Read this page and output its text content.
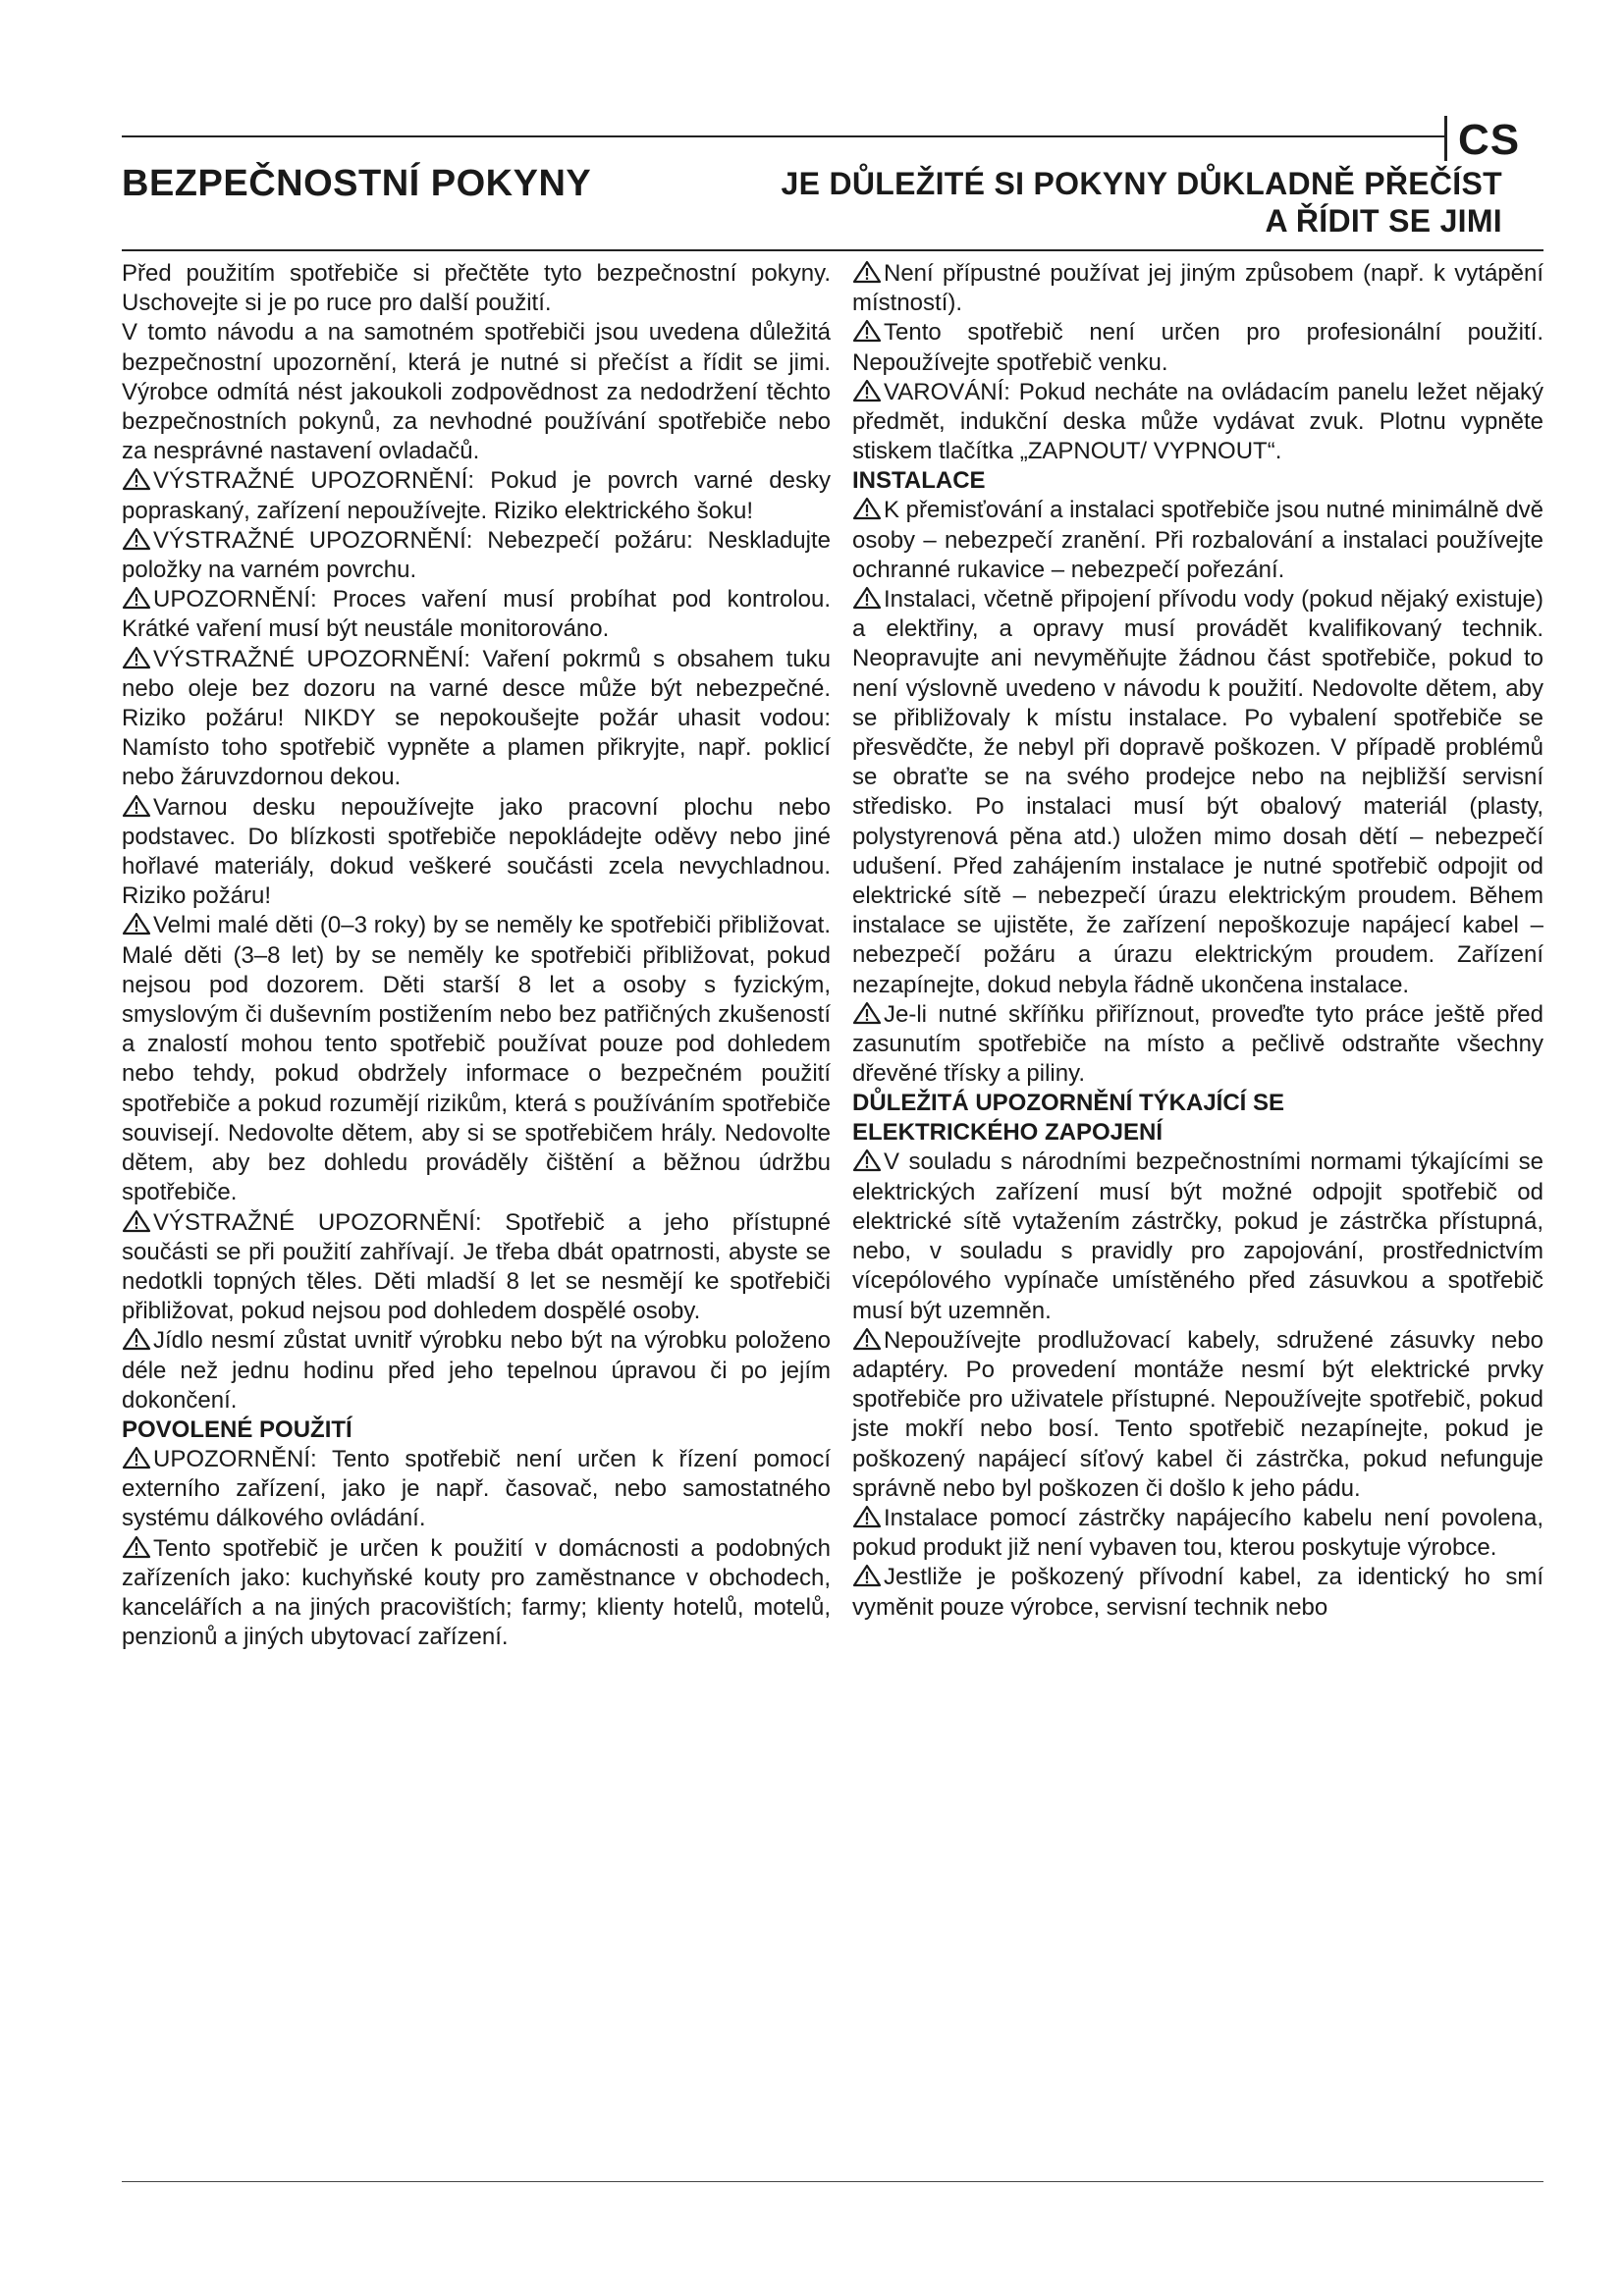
CS
BEZPEČNOSTNÍ POKYNY	JE DŮLEŽITÉ SI POKYNY DŮKLADNĚ PŘEČÍST
A ŘÍDIT SE JIMI

Před použitím spotřebiče si přečtěte tyto bezpečnostní pokyny. Uschovejte si je po ruce pro další použití.

V tomto návodu a na samotném spotřebiči jsou uvedena důležitá bezpečnostní upozornění, která je nutné si přečíst a řídit se jimi. Výrobce odmítá nést jakoukoli zodpovědnost za nedodržení těchto bezpečnostních pokynů, za nevhodné používání spotřebiče nebo za nesprávné nastavení ovladačů.

VÝSTRAŽNÉ UPOZORNĚNÍ: Pokud je povrch varné desky popraskaný, zařízení nepoužívejte. Riziko elektrického šoku!

VÝSTRAŽNÉ UPOZORNĚNÍ: Nebezpečí požáru: Neskladujte položky na varném povrchu.

UPOZORNĚNÍ: Proces vaření musí probíhat pod kontrolou. Krátké vaření musí být neustále monitorováno.

VÝSTRAŽNÉ UPOZORNĚNÍ: Vaření pokrmů s obsahem tuku nebo oleje bez dozoru na varné desce může být nebezpečné. Riziko požáru! NIKDY se nepokoušejte požár uhasit vodou: Namísto toho spotřebič vypněte a plamen přikryjte, např. poklicí nebo žáruvzdornou dekou.

Varnou desku nepoužívejte jako pracovní plochu nebo podstavec. Do blízkosti spotřebiče nepokládejte oděvy nebo jiné hořlavé materiály, dokud veškeré součásti zcela nevychladnou. Riziko požáru!

Velmi malé děti (0–3 roky) by se neměly ke spotřebiči přibližovat. Malé děti (3–8 let) by se neměly ke spotřebiči přibližovat, pokud nejsou pod dozorem. Děti starší 8 let a osoby s fyzickým, smyslovým či duševním postižením nebo bez patřičných zkušeností a znalostí mohou tento spotřebič používat pouze pod dohledem nebo tehdy, pokud obdržely informace o bezpečném použití spotřebiče a pokud rozumějí rizikům, která s používáním spotřebiče souvisejí. Nedovolte dětem, aby si se spotřebičem hrály. Nedovolte dětem, aby bez dohledu prováděly čištění a běžnou údržbu spotřebiče.

VÝSTRAŽNÉ UPOZORNĚNÍ: Spotřebič a jeho přístupné součásti se při použití zahřívají. Je třeba dbát opatrnosti, abyste se nedotkli topných těles. Děti mladší 8 let se nesmějí ke spotřebiči přibližovat, pokud nejsou pod dohledem dospělé osoby.

Jídlo nesmí zůstat uvnitř výrobku nebo být na výrobku položeno déle než jednu hodinu před jeho tepelnou úpravou či po jejím dokončení.

POVOLENÉ POUŽITÍ

UPOZORNĚNÍ: Tento spotřebič není určen k řízení pomocí externího zařízení, jako je např. časovač, nebo samostatného systému dálkového ovládání.

Tento spotřebič je určen k použití v domácnosti a podobných zařízeních jako: kuchyňské kouty pro zaměstnance v obchodech, kancelářích a na jiných pracovištích; farmy; klienty hotelů, motelů, penzionů a jiných ubytovací zařízení.

Není přípustné používat jej jiným způsobem (např. k vytápění místností).

Tento spotřebič není určen pro profesionální použití. Nepoužívejte spotřebič venku.

VAROVÁNÍ: Pokud necháte na ovládacím panelu ležet nějaký předmět, indukční deska může vydávat zvuk. Plotnu vypněte stiskem tlačítka „ZAPNOUT/ VYPNOUT“.

INSTALACE

K přemisťování a instalaci spotřebiče jsou nutné minimálně dvě osoby – nebezpečí zranění. Při rozbalování a instalaci používejte ochranné rukavice – nebezpečí pořezání.

Instalaci, včetně připojení přívodu vody (pokud nějaký existuje) a elektřiny, a opravy musí provádět kvalifikovaný technik. Neopravujte ani nevyměňujte žádnou část spotřebiče, pokud to není výslovně uvedeno v návodu k použití. Nedovolte dětem, aby se přibližovaly k místu instalace. Po vybalení spotřebiče se přesvědčte, že nebyl při dopravě poškozen. V případě problémů se obraťte se na svého prodejce nebo na nejbližší servisní středisko. Po instalaci musí být obalový materiál (plasty, polystyrenová pěna atd.) uložen mimo dosah dětí – nebezpečí udušení. Před zahájením instalace je nutné spotřebič odpojit od elektrické sítě – nebezpečí úrazu elektrickým proudem. Během instalace se ujistěte, že zařízení nepoškozuje napájecí kabel – nebezpečí požáru a úrazu elektrickým proudem. Zařízení nezapínejte, dokud nebyla řádně ukončena instalace.

Je-li nutné skříňku přiříznout, proveďte tyto práce ještě před zasunutím spotřebiče na místo a pečlivě odstraňte všechny dřevěné třísky a piliny.

DŮLEŽITÁ UPOZORNĚNÍ TÝKAJÍCÍ SE
ELEKTRICKÉHO ZAPOJENÍ

V souladu s národními bezpečnostními normami týkajícími se elektrických zařízení musí být možné odpojit spotřebič od elektrické sítě vytažením zástrčky, pokud je zástrčka přístupná, nebo, v souladu s pravidly pro zapojování, prostřednictvím vícepólového vypínače umístěného před zásuvkou a spotřebič musí být uzemněn.

Nepoužívejte prodlužovací kabely, sdružené zásuvky nebo adaptéry. Po provedení montáže nesmí být elektrické prvky spotřebiče pro uživatele přístupné. Nepoužívejte spotřebič, pokud jste mokří nebo bosí. Tento spotřebič nezapínejte, pokud je poškozený napájecí síťový kabel či zástrčka, pokud nefunguje správně nebo byl poškozen či došlo k jeho pádu.

Instalace pomocí zástrčky napájecího kabelu není povolena, pokud produkt již není vybaven tou, kterou poskytuje výrobce.

Jestliže je poškozený přívodní kabel, za identický ho smí vyměnit pouze výrobce, servisní technik nebo
